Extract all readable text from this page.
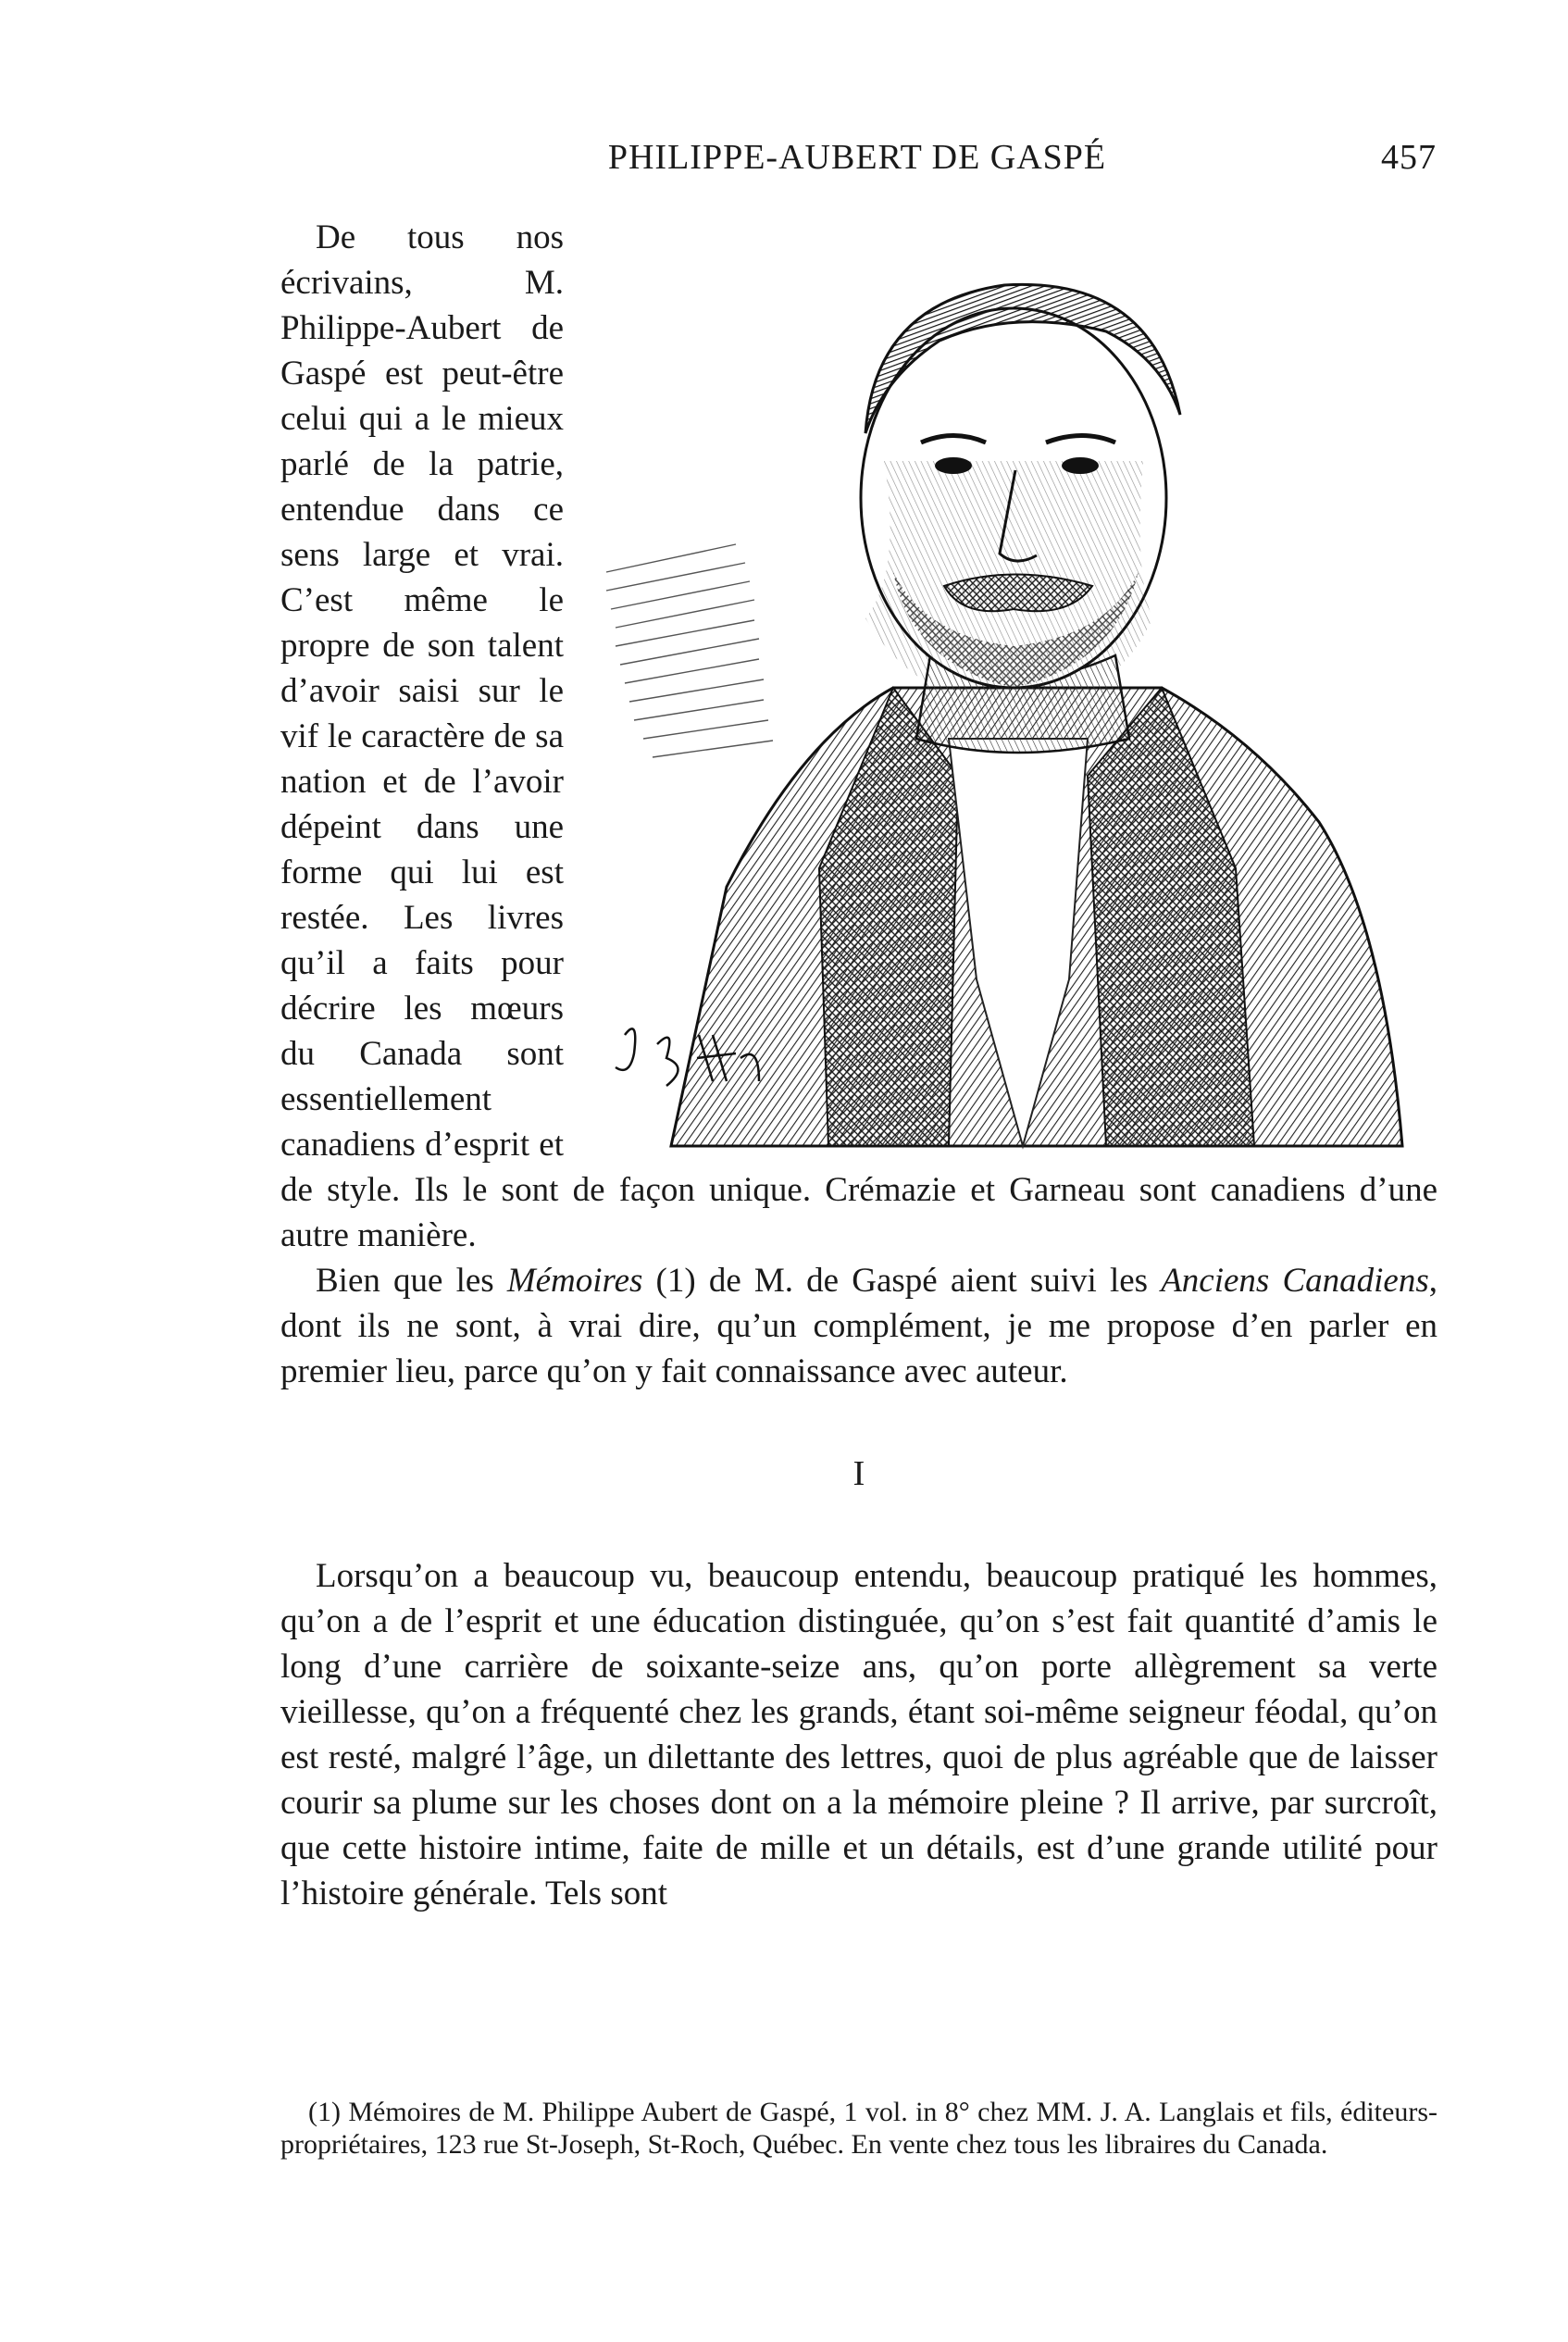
PHILIPPE-AUBERT DE GASPÉ	457

De tous nos écrivains, M. Philippe-Aubert de Gaspé est peut-être celui qui a le mieux parlé de la patrie, entendue dans ce sens large et vrai. C’est même le propre de son talent d’avoir saisi sur le vif le caractère de sa nation et de l’avoir dépeint dans une forme qui lui est restée. Les livres qu’il a faits pour décrire les mœurs du Canada sont essentiellement canadiens d’esprit et de style. Ils le sont de façon unique. Crémazie et Garneau sont canadiens d’une autre manière.

Bien que les Mémoires (1) de M. de Gaspé aient suivi les Anciens Canadiens, dont ils ne sont, à vrai dire, qu’un complément, je me propose d’en parler en premier lieu, parce qu’on y fait connaissance avec auteur.

I

Lorsqu’on a beaucoup vu, beaucoup entendu, beaucoup pratiqué les hommes, qu’on a de l’esprit et une éducation distinguée, qu’on s’est fait quantité d’amis le long d’une carrière de soixante-seize ans, qu’on porte allègrement sa verte vieillesse, qu’on a fréquenté chez les grands, étant soi-même seigneur féodal, qu’on est resté, malgré l’âge, un dilettante des lettres, quoi de plus agréable que de laisser courir sa plume sur les choses dont on a la mémoire pleine ? Il arrive, par surcroît, que cette histoire intime, faite de mille et un détails, est d’une grande utilité pour l’histoire générale. Tels sont

(1) Mémoires de M. Philippe Aubert de Gaspé, 1 vol. in 8° chez MM. J. A. Langlais et fils, éditeurs-propriétaires, 123 rue St-Joseph, St-Roch, Québec. En vente chez tous les libraires du Canada.
